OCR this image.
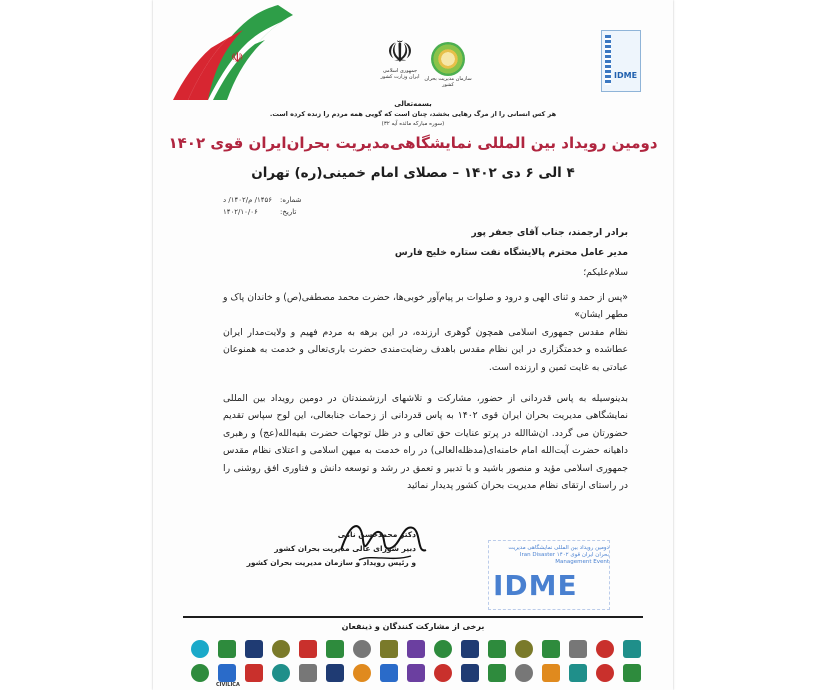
☫	☫
جمهوری اسلامی ایران وزارت کشور سازمان مدیریت بحران کشور
IDME
بسمه‌تعالی
هر کس انسانی را از مرگ رهایی بخشد، چنان است که گویی همه مردم را زنده کرده است.
(سوره مبارکه مائده آیه ۳۲)
دومین رویداد بین المللی نمایشگاهی‌مدیریت بحران‌ایران قوی ۱۴۰۲
۴ الی ۶ دی ۱۴۰۲ – مصلای امام خمینی(ره) تهران
شماره:
۱۴۵۶/ م/۱۴۰۲/ د
تاریخ:
۱۴۰۲/۱۰/۰۶
برادر ارجمند، جناب آقای جعفر پور
مدیر عامل محترم پالایشگاه نفت ستاره خلیج فارس
سلام‌علیکم؛
«پس از حمد و ثنای الهی و درود و صلوات بر پیام‌آور خوبی‌ها، حضرت محمد مصطفی(ص) و خاندان پاک و مطهر ایشان»
نظام مقدس جمهوری اسلامی همچون گوهری ارزنده، در این برهه به مردم فهیم و ولایت‌مدار ایران عطاشده و خدمتگزاری در این نظام مقدس باهدف رضایت‌مندی حضرت باری‌تعالی و خدمت به همنوعان عبادتی به غایت ثمین و ارزنده است.
بدینوسیله به پاس قدردانی از حضور، مشارکت و تلاشهای ارزشمندتان در دومین رویداد بین المللی نمایشگاهی مدیریت بحران ایران قوی ۱۴۰۲ به پاس قدردانی از زحمات جنابعالی، این لوح سپاس تقدیم حضورتان می گردد. ان‌شاالله در پرتو عنایات حق تعالی و در ظل توجهات حضرت بقیه‌الله(عج) و رهبری داهیانه حضرت آیت‌الله امام خامنه‌ای(مدظله‌العالی) در راه خدمت به میهن اسلامی و اعتلای نظام مقدس جمهوری اسلامی مؤید و منصور باشید و با تدبیر و تعمق در رشد و توسعه دانش و فناوری افق روشنی را در راستای ارتقای نظام مدیریت بحران کشور پدیدار نمائید
دکتر محمدحسن نامی
دبیر شورای عالی مدیریت بحران کشور
و رئیس رویداد و سازمان مدیریت بحران کشور
دومین رویداد بین المللی نمایشگاهی مدیریت بحران ایران قوی ۱۴۰۲ Iran Disaster Management Event
IDME
برخی از مشارکت کنندگان و ذینفعان
CIVILICA
